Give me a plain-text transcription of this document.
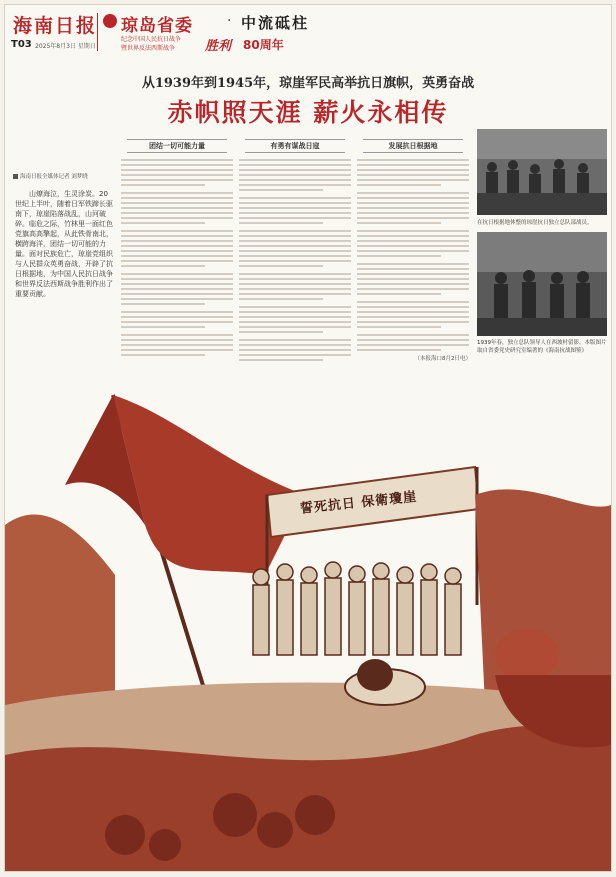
海南日报
T03 2025年8月3日 星期日
琼岛省委 · 中流砥柱
纪念中国人民抗日战争
暨世界反法西斯战争 胜利 80周年
从1939年到1945年，琼崖军民高举抗日旗帜，英勇奋战
赤帜照天涯 薪火永相传
海南日报全媒体记者 刘梦晓
山燎海泣，生灵涂炭。20世纪上半叶，随着日军铁蹄长驱南下，琼崖陷落战乱，山河破碎。临危之际，竹林里一面红色党旗高高擎起，从此铁骨南北，横跨海洋，团结一切可能的力量。面对民族危亡，琼崖党组织与人民群众英勇奋战，开辟了抗日根据地，为中国人民抗日战争和世界反法西斯战争胜利作出了重要贡献。
团结一切可能力量	有勇有谋战日寇	发展抗日根据地
（本报海口8月2日电）
在抗日根据地休整的琼崖抗日独立总队部战员。
1939年春，独立总队领导人在西坡村留影。本版图片取自省委党史研究室编著的《海南抗战图鉴》
誓死抗日 保衛瓊崖
